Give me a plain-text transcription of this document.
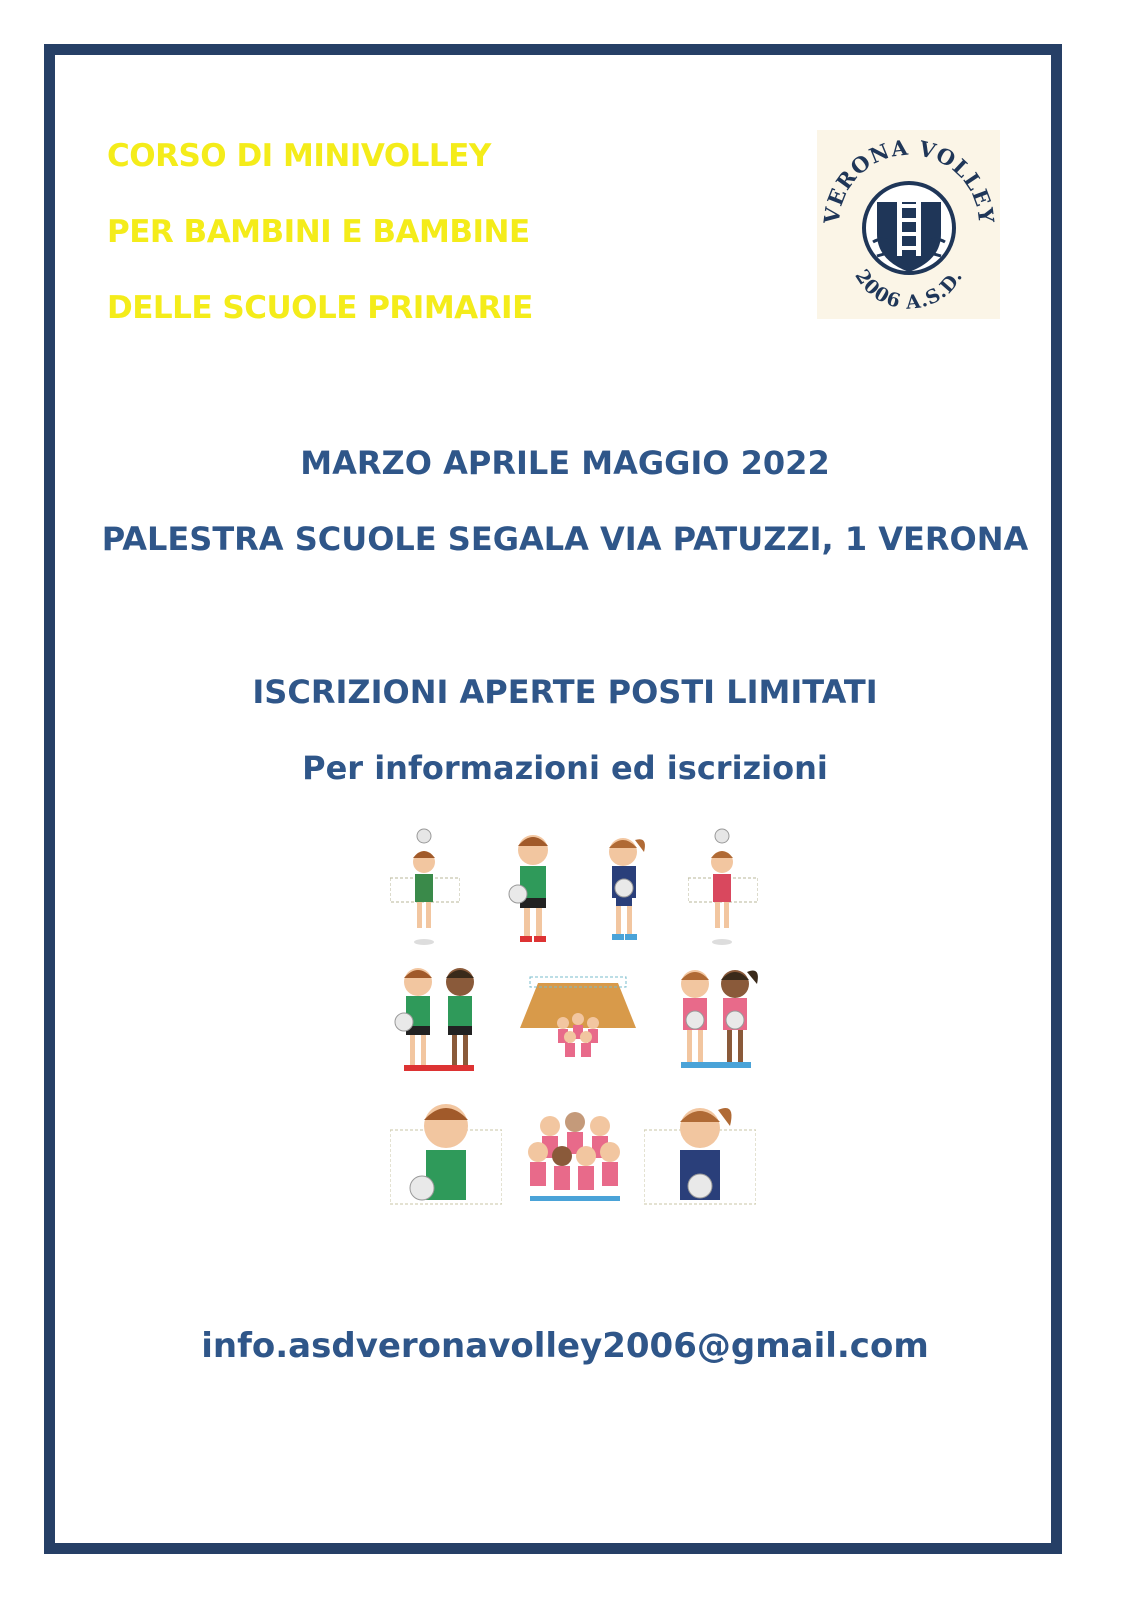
CORSO DI MINIVOLLEY
PER BAMBINI E BAMBINE
DELLE SCUOLE PRIMARIE
VERONA VOLLEY
2006 A.S.D.
MARZO APRILE MAGGIO 2022
PALESTRA SCUOLE SEGALA VIA PATUZZI, 1 VERONA
ISCRIZIONI APERTE POSTI LIMITATI
Per informazioni ed iscrizioni
info.asdveronavolley2006@gmail.com
